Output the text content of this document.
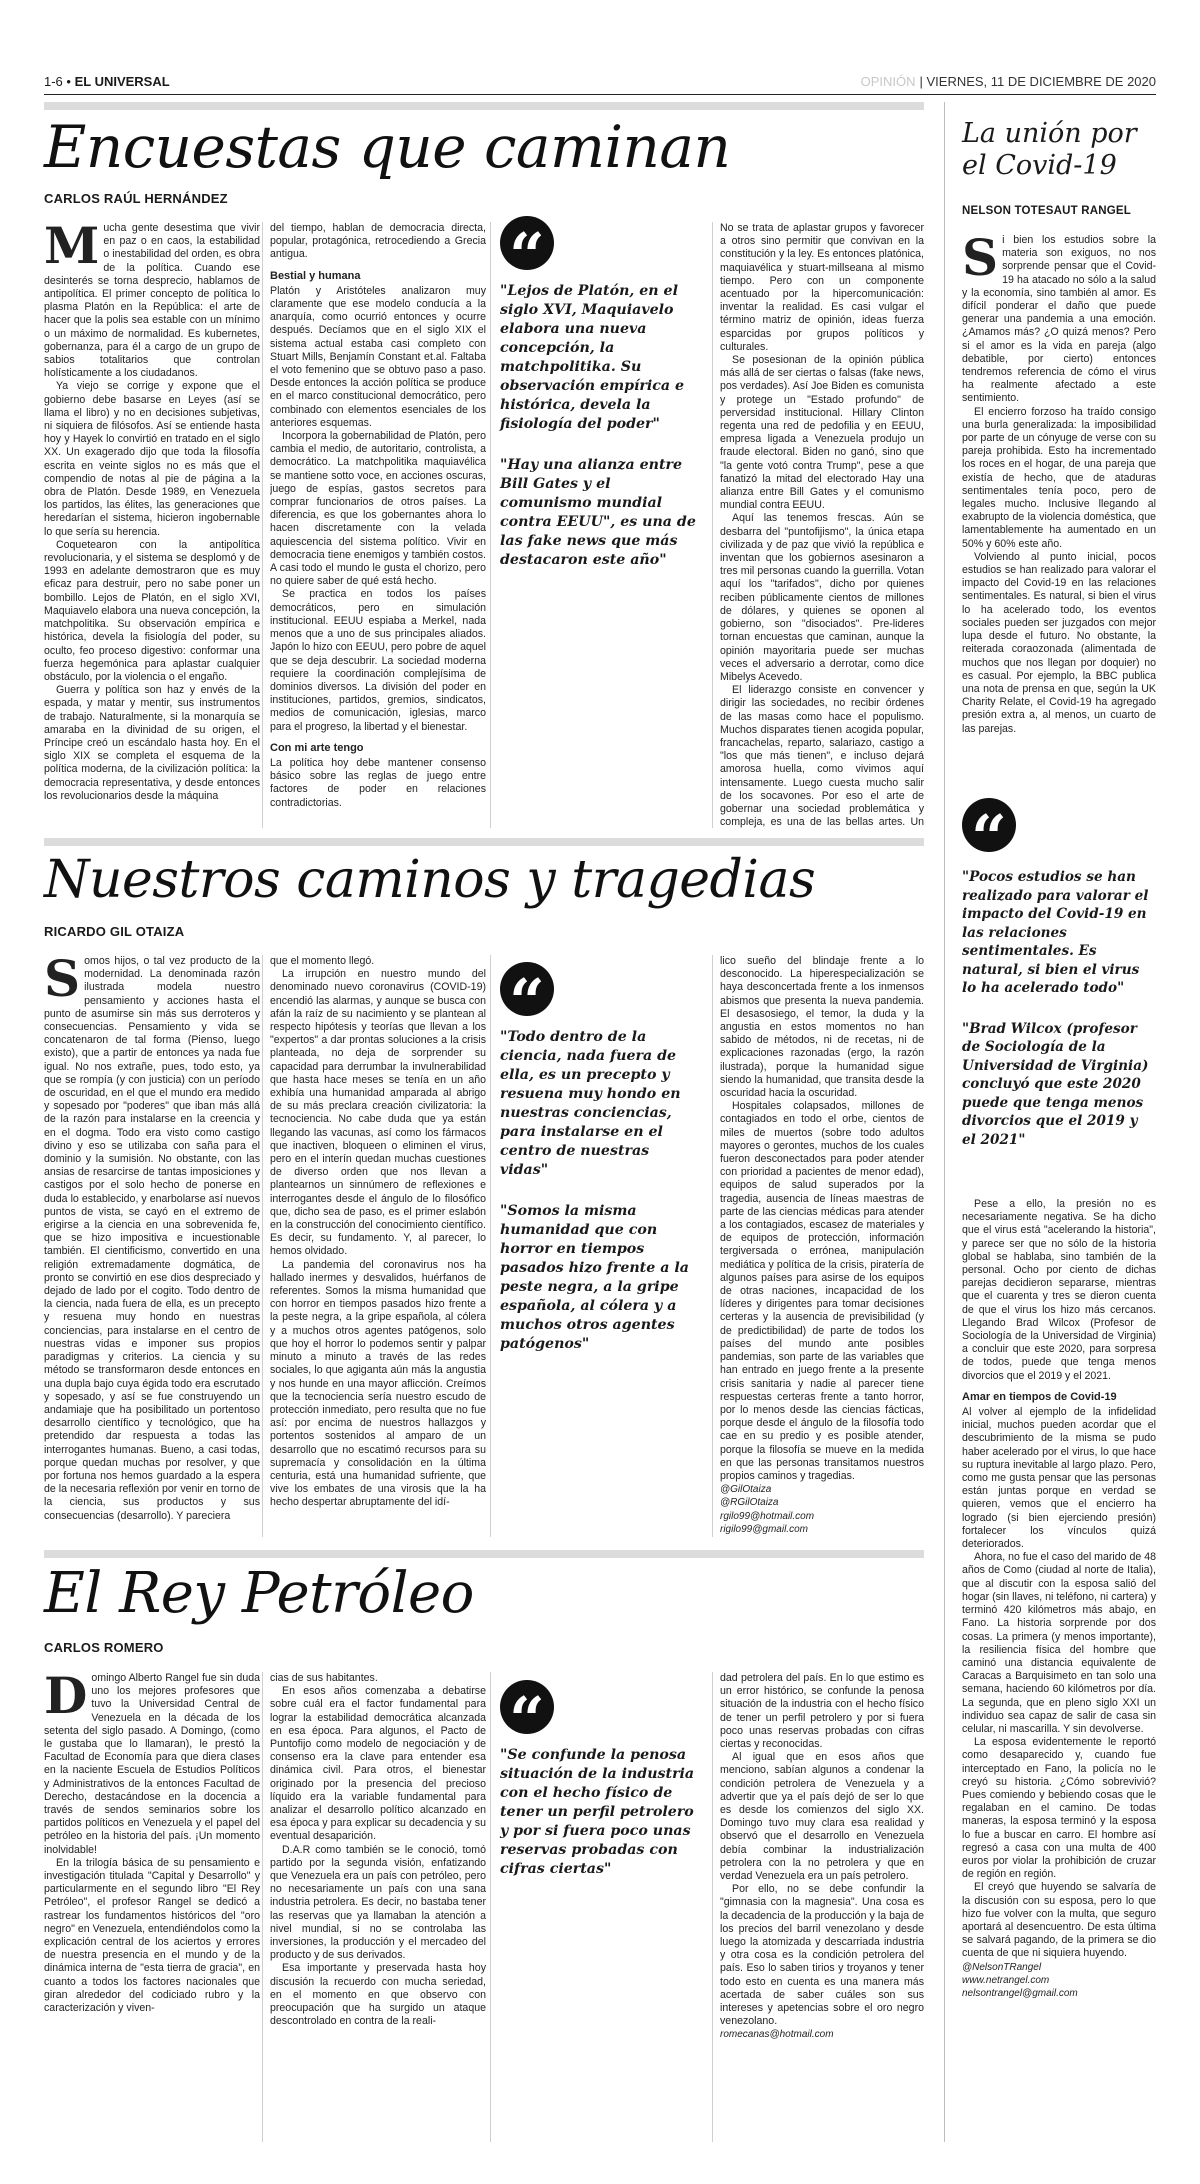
1-6 • EL UNIVERSAL	OPINIÓN | VIERNES, 11 DE DICIEMBRE DE 2020
Encuestas que caminan
CARLOS RAÚL HERNÁNDEZ

Mucha gente desestima que vivir en paz o en caos, la estabilidad o inestabilidad del orden, es obra de la política. Cuando ese desinterés se torna desprecio, hablamos de antipolítica. El primer concepto de política lo plasma Platón en la República: el arte de hacer que la polis sea estable con un mínimo o un máximo de normalidad. Es kubernetes, gobernanza, para él a cargo de un grupo de sabios totalitarios que controlan holísticamente a los ciudadanos.

Ya viejo se corrige y expone que el gobierno debe basarse en Leyes (así se llama el libro) y no en decisiones subjetivas, ni siquiera de filósofos. Así se entiende hasta hoy y Hayek lo convirtió en tratado en el siglo XX. Un exagerado dijo que toda la filosofía escrita en veinte siglos no es más que el compendio de notas al pie de página a la obra de Platón. Desde 1989, en Venezuela los partidos, las élites, las generaciones que heredarían el sistema, hicieron ingobernable lo que sería su herencia.

Coquetearon con la antipolítica revolucionaria, y el sistema se desplomó y de 1993 en adelante demostraron que es muy eficaz para destruir, pero no sabe poner un bombillo. Lejos de Platón, en el siglo XVI, Maquiavelo elabora una nueva concepción, la matchpolitika. Su observación empírica e histórica, devela la fisiología del poder, su oculto, feo proceso digestivo: conformar una fuerza hegemónica para aplastar cualquier obstáculo, por la violencia o el engaño.

Guerra y política son haz y envés de la espada, y matar y mentir, sus instrumentos de trabajo. Naturalmente, si la monarquía se amaraba en la divinidad de su origen, el Príncipe creó un escándalo hasta hoy. En el siglo XIX se completa el esquema de la política moderna, de la civilización política: la democracia representativa, y desde entonces los revolucionarios desde la máquina

del tiempo, hablan de democracia directa, popular, protagónica, retrocediendo a Grecia antigua.

Bestial y humana

Platón y Aristóteles analizaron muy claramente que ese modelo conducía a la anarquía, como ocurrió entonces y ocurre después. Decíamos que en el siglo XIX el sistema actual estaba casi completo con Stuart Mills, Benjamín Constant et.al. Faltaba el voto femenino que se obtuvo paso a paso. Desde entonces la acción política se produce en el marco constitucional democrático, pero combinado con elementos esenciales de los anteriores esquemas.

Incorpora la gobernabilidad de Platón, pero cambia el medio, de autoritario, controlista, a democrático. La matchpolitika maquiavélica se mantiene sotto voce, en acciones oscuras, juego de espías, gastos secretos para comprar funcionarios de otros países. La diferencia, es que los gobernantes ahora lo hacen discretamente con la velada aquiescencia del sistema político. Vivir en democracia tiene enemigos y también costos. A casi todo el mundo le gusta el chorizo, pero no quiere saber de qué está hecho.

Se practica en todos los países democráticos, pero en simulación institucional. EEUU espiaba a Merkel, nada menos que a uno de sus principales aliados. Japón lo hizo con EEUU, pero pobre de aquel que se deja descubrir. La sociedad moderna requiere la coordinación complejísima de dominios diversos. La división del poder en instituciones, partidos, gremios, sindicatos, medios de comunicación, iglesias, marco para el progreso, la libertad y el bienestar.

Con mi arte tengo

La política hoy debe mantener consenso básico sobre las reglas de juego entre factores de poder en relaciones contradictorias.

“

"Lejos de Platón, en el siglo XVI, Maquiavelo elabora una nueva concepción, la matchpolitika. Su observación empírica e histórica, devela la fisiología del poder"

"Hay una alianza entre Bill Gates y el comunismo mundial contra EEUU", es una de las fake news que más destacaron este año"

No se trata de aplastar grupos y favorecer a otros sino permitir que convivan en la constitución y la ley. Es entonces platónica, maquiavélica y stuart-millseana al mismo tiempo. Pero con un componente acentuado por la hipercomunicación: inventar la realidad. Es casi vulgar el término matriz de opinión, ideas fuerza esparcidas por grupos políticos y culturales.

Se posesionan de la opinión pública más allá de ser ciertas o falsas (fake news, pos verdades). Así Joe Biden es comunista y protege un "Estado profundo" de perversidad institucional. Hillary Clinton regenta una red de pedofilia y en EEUU, empresa ligada a Venezuela produjo un fraude electoral. Biden no ganó, sino que "la gente votó contra Trump", pese a que fanatizó la mitad del electorado Hay una alianza entre Bill Gates y el comunismo mundial contra EEUU.

Aquí las tenemos frescas. Aún se desbarra del "puntofijismo", la única etapa civilizada y de paz que vivió la república e inventan que los gobiernos asesinaron a tres mil personas cuando la guerrilla. Votan aquí los "tarifados", dicho por quienes reciben públicamente cientos de millones de dólares, y quienes se oponen al gobierno, son "disociados". Pre-lideres tornan encuestas que caminan, aunque la opinión mayoritaria puede ser muchas veces el adversario a derrotar, como dice Mibelys Acevedo.

El liderazgo consiste en convencer y dirigir las sociedades, no recibir órdenes de las masas como hace el populismo. Muchos disparates tienen acogida popular, francachelas, reparto, salariazo, castigo a "los que más tienen", e incluso dejará amorosa huella, como vivimos aquí intensamente. Luego cuesta mucho salir de los socavones. Por eso el arte de gobernar una sociedad problemática y compleja, es una de las bellas artes. Un

Nuestros caminos y tragedias
RICARDO GIL OTAIZA

Somos hijos, o tal vez producto de la modernidad. La denominada razón ilustrada modela nuestro pensamiento y acciones hasta el punto de asumirse sin más sus derroteros y consecuencias. Pensamiento y vida se concatenaron de tal forma (Pienso, luego existo), que a partir de entonces ya nada fue igual. No nos extrañe, pues, todo esto, ya que se rompía (y con justicia) con un período de oscuridad, en el que el mundo era medido y sopesado por "poderes" que iban más allá de la razón para instalarse en la creencia y en el dogma. Todo era visto como castigo divino y eso se utilizaba con saña para el dominio y la sumisión. No obstante, con las ansias de resarcirse de tantas imposiciones y castigos por el solo hecho de ponerse en duda lo establecido, y enarbolarse así nuevos puntos de vista, se cayó en el extremo de erigirse a la ciencia en una sobrevenida fe, que se hizo impositiva e incuestionable también. El cientificismo, convertido en una religión extremadamente dogmática, de pronto se convirtió en ese dios despreciado y dejado de lado por el cogito. Todo dentro de la ciencia, nada fuera de ella, es un precepto y resuena muy hondo en nuestras conciencias, para instalarse en el centro de nuestras vidas e imponer sus propios paradigmas y criterios. La ciencia y su método se transformaron desde entonces en una dupla bajo cuya égida todo era escrutado y sopesado, y así se fue construyendo un andamiaje que ha posibilitado un portentoso desarrollo científico y tecnológico, que ha pretendido dar respuesta a todas las interrogantes humanas. Bueno, a casi todas, porque quedan muchas por resolver, y que por fortuna nos hemos guardado a la espera de la necesaria reflexión por venir en torno de la ciencia, sus productos y sus consecuencias (desarrollo). Y pareciera

que el momento llegó.

La irrupción en nuestro mundo del denominado nuevo coronavirus (COVID-19) encendió las alarmas, y aunque se busca con afán la raíz de su nacimiento y se plantean al respecto hipótesis y teorías que llevan a los "expertos" a dar prontas soluciones a la crisis planteada, no deja de sorprender su capacidad para derrumbar la invulnerabilidad que hasta hace meses se tenía en un año exhibía una humanidad amparada al abrigo de su más preclara creación civilizatoria: la tecnociencia. No cabe duda que ya están llegando las vacunas, así como los fármacos que inactiven, bloqueen o eliminen el virus, pero en el interín quedan muchas cuestiones de diverso orden que nos llevan a plantearnos un sinnúmero de reflexiones e interrogantes desde el ángulo de lo filosófico que, dicho sea de paso, es el primer eslabón en la construcción del conocimiento científico. Es decir, su fundamento. Y, al parecer, lo hemos olvidado.

La pandemia del coronavirus nos ha hallado inermes y desvalidos, huérfanos de referentes. Somos la misma humanidad que con horror en tiempos pasados hizo frente a la peste negra, a la gripe española, al cólera y a muchos otros agentes patógenos, solo que hoy el horror lo podemos sentir y palpar minuto a minuto a través de las redes sociales, lo que agiganta aún más la angustia y nos hunde en una mayor aflicción. Creímos que la tecnociencia sería nuestro escudo de protección inmediato, pero resulta que no fue así: por encima de nuestros hallazgos y portentos sostenidos al amparo de un desarrollo que no escatimó recursos para su supremacía y consolidación en la última centuria, está una humanidad sufriente, que vive los embates de una virosis que la ha hecho despertar abruptamente del idí-

“

"Todo dentro de la ciencia, nada fuera de ella, es un precepto y resuena muy hondo en nuestras conciencias, para instalarse en el centro de nuestras vidas"

"Somos la misma humanidad que con horror en tiempos pasados hizo frente a la peste negra, a la gripe española, al cólera y a muchos otros agentes patógenos"

lico sueño del blindaje frente a lo desconocido. La hiperespecialización se haya desconcertada frente a los inmensos abismos que presenta la nueva pandemia. El desasosiego, el temor, la duda y la angustia en estos momentos no han sabido de métodos, ni de recetas, ni de explicaciones razonadas (ergo, la razón ilustrada), porque la humanidad sigue siendo la humanidad, que transita desde la oscuridad hacia la oscuridad.

Hospitales colapsados, millones de contagiados en todo el orbe, cientos de miles de muertos (sobre todo adultos mayores o gerontes, muchos de los cuales fueron desconectados para poder atender con prioridad a pacientes de menor edad), equipos de salud superados por la tragedia, ausencia de líneas maestras de parte de las ciencias médicas para atender a los contagiados, escasez de materiales y de equipos de protección, información tergiversada o errónea, manipulación mediática y política de la crisis, piratería de algunos países para asirse de los equipos de otras naciones, incapacidad de los líderes y dirigentes para tomar decisiones certeras y la ausencia de previsibilidad (y de predictibilidad) de parte de todos los países del mundo ante posibles pandemias, son parte de las variables que han entrado en juego frente a la presente crisis sanitaria y nadie al parecer tiene respuestas certeras frente a tanto horror, por lo menos desde las ciencias fácticas, porque desde el ángulo de la filosofía todo cae en su predio y es posible atender, porque la filosofía se mueve en la medida en que las personas transitamos nuestros propios caminos y tragedias.

@GilOtaiza

@RGilOtaiza

rgilo99@hotmail.com

rigilo99@gmail.com

El Rey Petróleo
CARLOS ROMERO

Domingo Alberto Rangel fue sin duda uno los mejores profesores que tuvo la Universidad Central de Venezuela en la década de los setenta del siglo pasado. A Domingo, (como le gustaba que lo llamaran), le prestó la Facultad de Economía para que diera clases en la naciente Escuela de Estudios Políticos y Administrativos de la entonces Facultad de Derecho, destacándose en la docencia a través de sendos seminarios sobre los partidos políticos en Venezuela y el papel del petróleo en la historia del país. ¡Un momento inolvidable!

En la trilogía básica de su pensamiento e investigación titulada "Capital y Desarrollo" y particularmente en el segundo libro "El Rey Petróleo", el profesor Rangel se dedicó a rastrear los fundamentos históricos del "oro negro" en Venezuela, entendiéndolos como la explicación central de los aciertos y errores de nuestra presencia en el mundo y de la dinámica interna de "esta tierra de gracia", en cuanto a todos los factores nacionales que giran alrededor del codiciado rubro y la caracterización y viven-

cias de sus habitantes.

En esos años comenzaba a debatirse sobre cuál era el factor fundamental para lograr la estabilidad democrática alcanzada en esa época. Para algunos, el Pacto de Puntofijo como modelo de negociación y de consenso era la clave para entender esa dinámica civil. Para otros, el bienestar originado por la presencia del precioso líquido era la variable fundamental para analizar el desarrollo político alcanzado en esa época y para explicar su decadencia y su eventual desaparición.

D.A.R como también se le conoció, tomó partido por la segunda visión, enfatizando que Venezuela era un país con petróleo, pero no necesariamente un país con una sana industria petrolera. Es decir, no bastaba tener las reservas que ya llamaban la atención a nivel mundial, si no se controlaba las inversiones, la producción y el mercadeo del producto y de sus derivados.

Esa importante y preservada hasta hoy discusión la recuerdo con mucha seriedad, en el momento en que observo con preocupación que ha surgido un ataque descontrolado en contra de la reali-

“

"Se confunde la penosa situación de la industria con el hecho físico de tener un perfil petrolero y por si fuera poco unas reservas probadas con cifras ciertas"

dad petrolera del país. En lo que estimo es un error histórico, se confunde la penosa situación de la industria con el hecho físico de tener un perfil petrolero y por si fuera poco unas reservas probadas con cifras ciertas y reconocidas.

Al igual que en esos años que menciono, sabían algunos a condenar la condición petrolera de Venezuela y a advertir que ya el país dejó de ser lo que es desde los comienzos del siglo XX. Domingo tuvo muy clara esa realidad y observó que el desarrollo en Venezuela debía combinar la industrialización petrolera con la no petrolera y que en verdad Venezuela era un país petrolero.

Por ello, no se debe confundir la "gimnasia con la magnesia". Una cosa es la decadencia de la producción y la baja de los precios del barril venezolano y desde luego la atomizada y descarriada industria y otra cosa es la condición petrolera del país. Eso lo saben tirios y troyanos y tener todo esto en cuenta es una manera más acertada de saber cuáles son sus intereses y apetencias sobre el oro negro venezolano.

romecanas@hotmail.com

La unión por el Covid-19
NELSON TOTESAUT RANGEL

Si bien los estudios sobre la materia son exiguos, no nos sorprende pensar que el Covid-19 ha atacado no sólo a la salud y la economía, sino también al amor. Es difícil ponderar el daño que puede generar una pandemia a una emoción. ¿Amamos más? ¿O quizá menos? Pero si el amor es la vida en pareja (algo debatible, por cierto) entonces tendremos referencia de cómo el virus ha realmente afectado a este sentimiento.

El encierro forzoso ha traído consigo una burla generalizada: la imposibilidad por parte de un cónyuge de verse con su pareja prohibida. Esto ha incrementado los roces en el hogar, de una pareja que existía de hecho, que de ataduras sentimentales tenía poco, pero de legales mucho. Inclusive llegando al exabrupto de la violencia doméstica, que lamentablemente ha aumentado en un 50% y 60% este año.

Volviendo al punto inicial, pocos estudios se han realizado para valorar el impacto del Covid-19 en las relaciones sentimentales. Es natural, si bien el virus lo ha acelerado todo, los eventos sociales pueden ser juzgados con mejor lupa desde el futuro. No obstante, la reiterada coraozonada (alimentada de muchos que nos llegan por doquier) no es casual. Por ejemplo, la BBC publica una nota de prensa en que, según la UK Charity Relate, el Covid-19 ha agregado presión extra a, al menos, un cuarto de las parejas.

“

"Pocos estudios se han realizado para valorar el impacto del Covid-19 en las relaciones sentimentales. Es natural, si bien el virus lo ha acelerado todo"

"Brad Wilcox (profesor de Sociología de la Universidad de Virginia) concluyó que este 2020 puede que tenga menos divorcios que el 2019 y el 2021"

Pese a ello, la presión no es necesariamente negativa. Se ha dicho que el virus está "acelerando la historia", y parece ser que no sólo de la historia global se hablaba, sino también de la personal. Ocho por ciento de dichas parejas decidieron separarse, mientras que el cuarenta y tres se dieron cuenta de que el virus los hizo más cercanos. Llegando Brad Wilcox (Profesor de Sociología de la Universidad de Virginia) a concluir que este 2020, para sorpresa de todos, puede que tenga menos divorcios que el 2019 y el 2021.

Amar en tiempos de Covid-19

Al volver al ejemplo de la infidelidad inicial, muchos pueden acordar que el descubrimiento de la misma se pudo haber acelerado por el virus, lo que hace su ruptura inevitable al largo plazo. Pero, como me gusta pensar que las personas están juntas porque en verdad se quieren, vemos que el encierro ha logrado (si bien ejerciendo presión) fortalecer los vínculos quizá deteriorados.

Ahora, no fue el caso del marido de 48 años de Como (ciudad al norte de Italia), que al discutir con la esposa salió del hogar (sin llaves, ni teléfono, ni cartera) y terminó 420 kilómetros más abajo, en Fano. La historia sorprende por dos cosas. La primera (y menos importante), la resiliencia física del hombre que caminó una distancia equivalente de Caracas a Barquisimeto en tan solo una semana, haciendo 60 kilómetros por día. La segunda, que en pleno siglo XXI un individuo sea capaz de salir de casa sin celular, ni mascarilla. Y sin devolverse.

La esposa evidentemente le reportó como desaparecido y, cuando fue interceptado en Fano, la policía no le creyó su historia. ¿Cómo sobrevivió? Pues comiendo y bebiendo cosas que le regalaban en el camino. De todas maneras, la esposa terminó y la esposa lo fue a buscar en carro. El hombre así regresó a casa con una multa de 400 euros por violar la prohibición de cruzar de región en región.

El creyó que huyendo se salvaría de la discusión con su esposa, pero lo que hizo fue volver con la multa, que seguro aportará al desencuentro. De esta última se salvará pagando, de la primera se dio cuenta de que ni siquiera huyendo.

@NelsonTRangel

www.netrangel.com

nelsontrangel@gmail.com
